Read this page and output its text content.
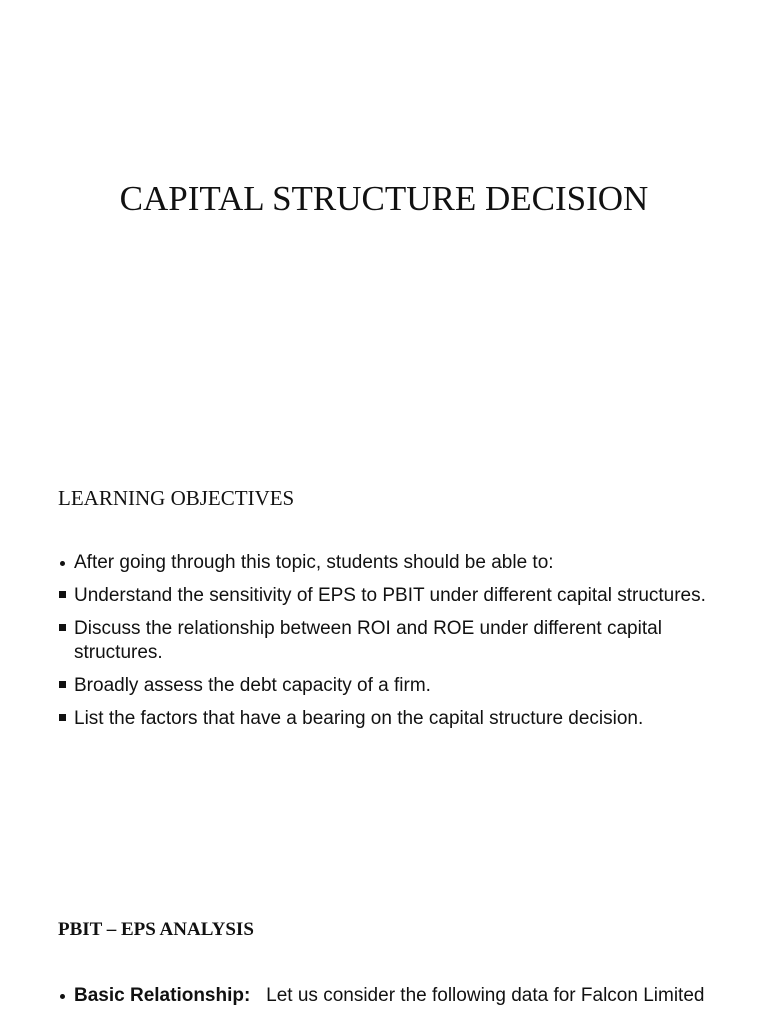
CAPITAL STRUCTURE DECISION
LEARNING OBJECTIVES
After going through this topic, students should be able to:
Understand the sensitivity of EPS to PBIT under different capital structures.
Discuss the relationship between ROI and ROE under different capital structures.
Broadly assess the debt capacity of a firm.
List the factors that have a bearing on the capital structure decision.
PBIT – EPS ANALYSIS
Basic Relationship:   Let us consider the following data for Falcon Limited
